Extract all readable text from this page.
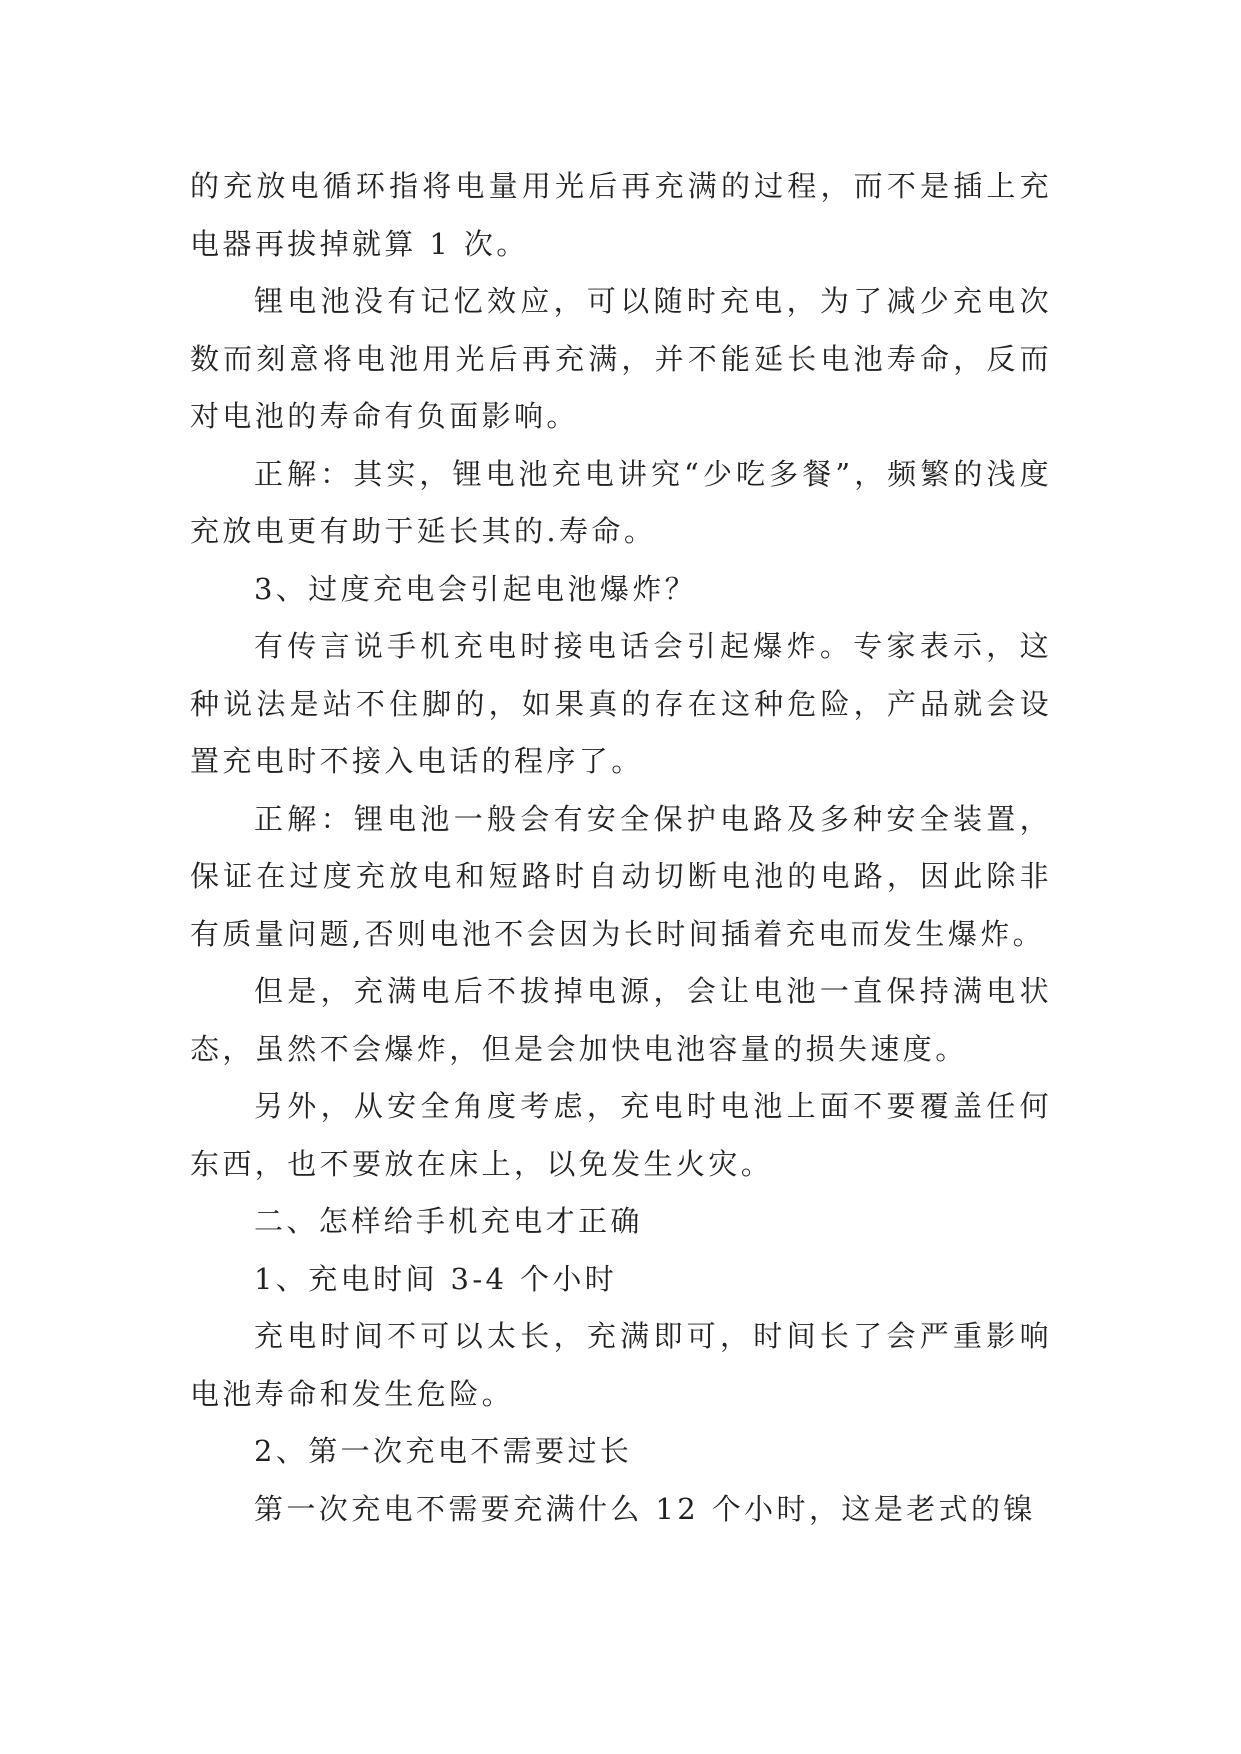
的充放电循环指将电量用光后再充满的过程，而不是插上充电器再拔掉就算 1 次。

锂电池没有记忆效应，可以随时充电，为了减少充电次数而刻意将电池用光后再充满，并不能延长电池寿命，反而对电池的寿命有负面影响。

正解：其实，锂电池充电讲究“少吃多餐”，频繁的浅度充放电更有助于延长其的.寿命。

3、过度充电会引起电池爆炸？

有传言说手机充电时接电话会引起爆炸。专家表示，这种说法是站不住脚的，如果真的存在这种危险，产品就会设置充电时不接入电话的程序了。

正解：锂电池一般会有安全保护电路及多种安全装置，保证在过度充放电和短路时自动切断电池的电路，因此除非有质量问题,否则电池不会因为长时间插着充电而发生爆炸。

但是，充满电后不拔掉电源，会让电池一直保持满电状态，虽然不会爆炸，但是会加快电池容量的损失速度。

另外，从安全角度考虑，充电时电池上面不要覆盖任何东西，也不要放在床上，以免发生火灾。

二、怎样给手机充电才正确

1、充电时间 3-4 个小时

充电时间不可以太长，充满即可，时间长了会严重影响电池寿命和发生危险。

2、第一次充电不需要过长

第一次充电不需要充满什么 12 个小时，这是老式的镍
